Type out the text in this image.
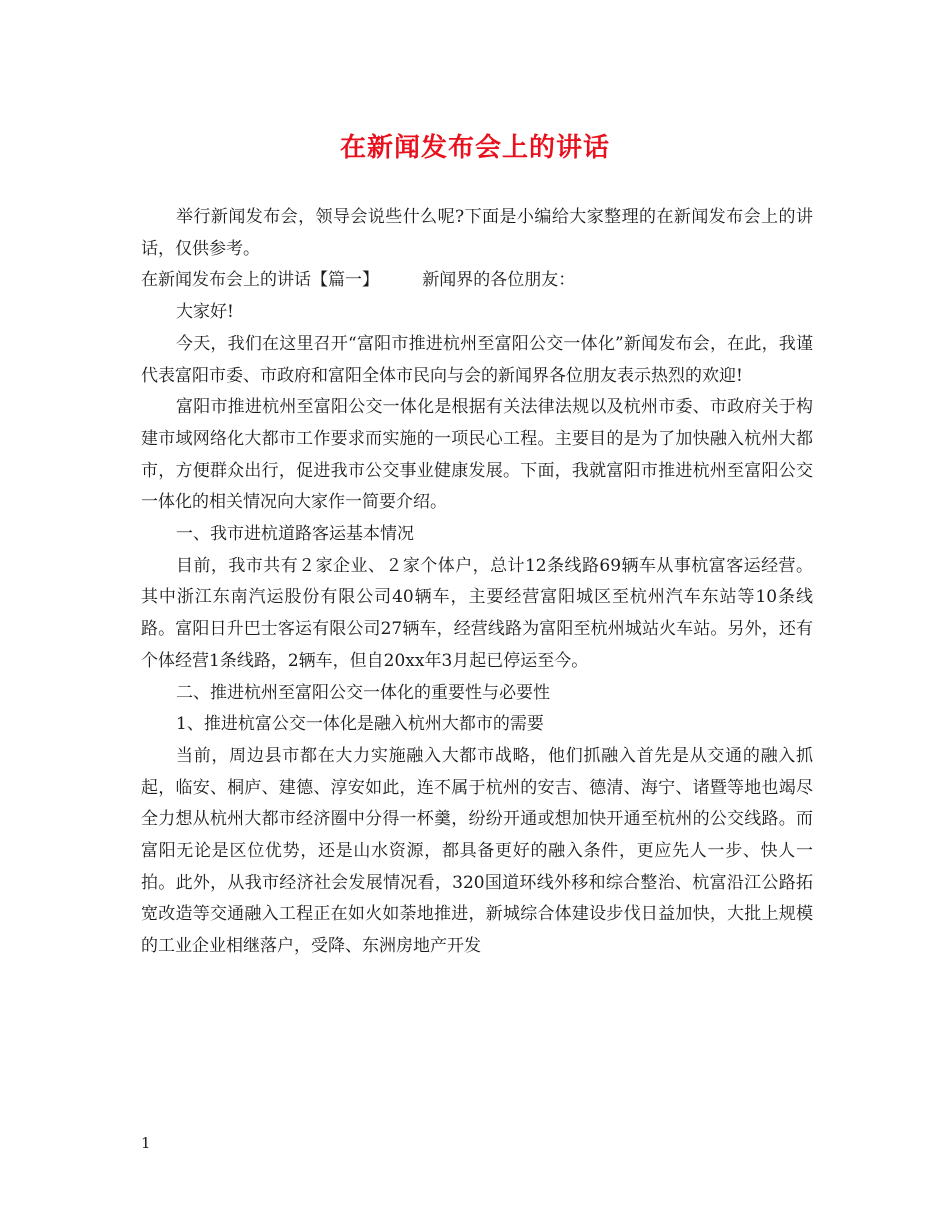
在新闻发布会上的讲话

举行新闻发布会，领导会说些什么呢?下面是小编给大家整理的在新闻发布会上的讲话，仅供参考。

在新闻发布会上的讲话【篇一】	新闻界的各位朋友：

大家好!

今天，我们在这里召开“富阳市推进杭州至富阳公交一体化”新闻发布会，在此，我谨代表富阳市委、市政府和富阳全体市民向与会的新闻界各位朋友表示热烈的欢迎!

富阳市推进杭州至富阳公交一体化是根据有关法律法规以及杭州市委、市政府关于构建市域网络化大都市工作要求而实施的一项民心工程。主要目的是为了加快融入杭州大都市，方便群众出行，促进我市公交事业健康发展。下面，我就富阳市推进杭州至富阳公交一体化的相关情况向大家作一简要介绍。

一、我市进杭道路客运基本情况

目前，我市共有２家企业、２家个体户，总计12条线路69辆车从事杭富客运经营。其中浙江东南汽运股份有限公司40辆车，主要经营富阳城区至杭州汽车东站等10条线路。富阳日升巴士客运有限公司27辆车，经营线路为富阳至杭州城站火车站。另外，还有个体经营1条线路，2辆车，但自20xx年3月起已停运至今。

二、推进杭州至富阳公交一体化的重要性与必要性

1、推进杭富公交一体化是融入杭州大都市的需要

当前，周边县市都在大力实施融入大都市战略，他们抓融入首先是从交通的融入抓起，临安、桐庐、建德、淳安如此，连不属于杭州的安吉、德清、海宁、诸暨等地也竭尽全力想从杭州大都市经济圈中分得一杯羹，纷纷开通或想加快开通至杭州的公交线路。而富阳无论是区位优势，还是山水资源，都具备更好的融入条件，更应先人一步、快人一拍。此外，从我市经济社会发展情况看，320国道环线外移和综合整治、杭富沿江公路拓宽改造等交通融入工程正在如火如荼地推进，新城综合体建设步伐日益加快，大批上规模的工业企业相继落户，受降、东洲房地产开发

1
